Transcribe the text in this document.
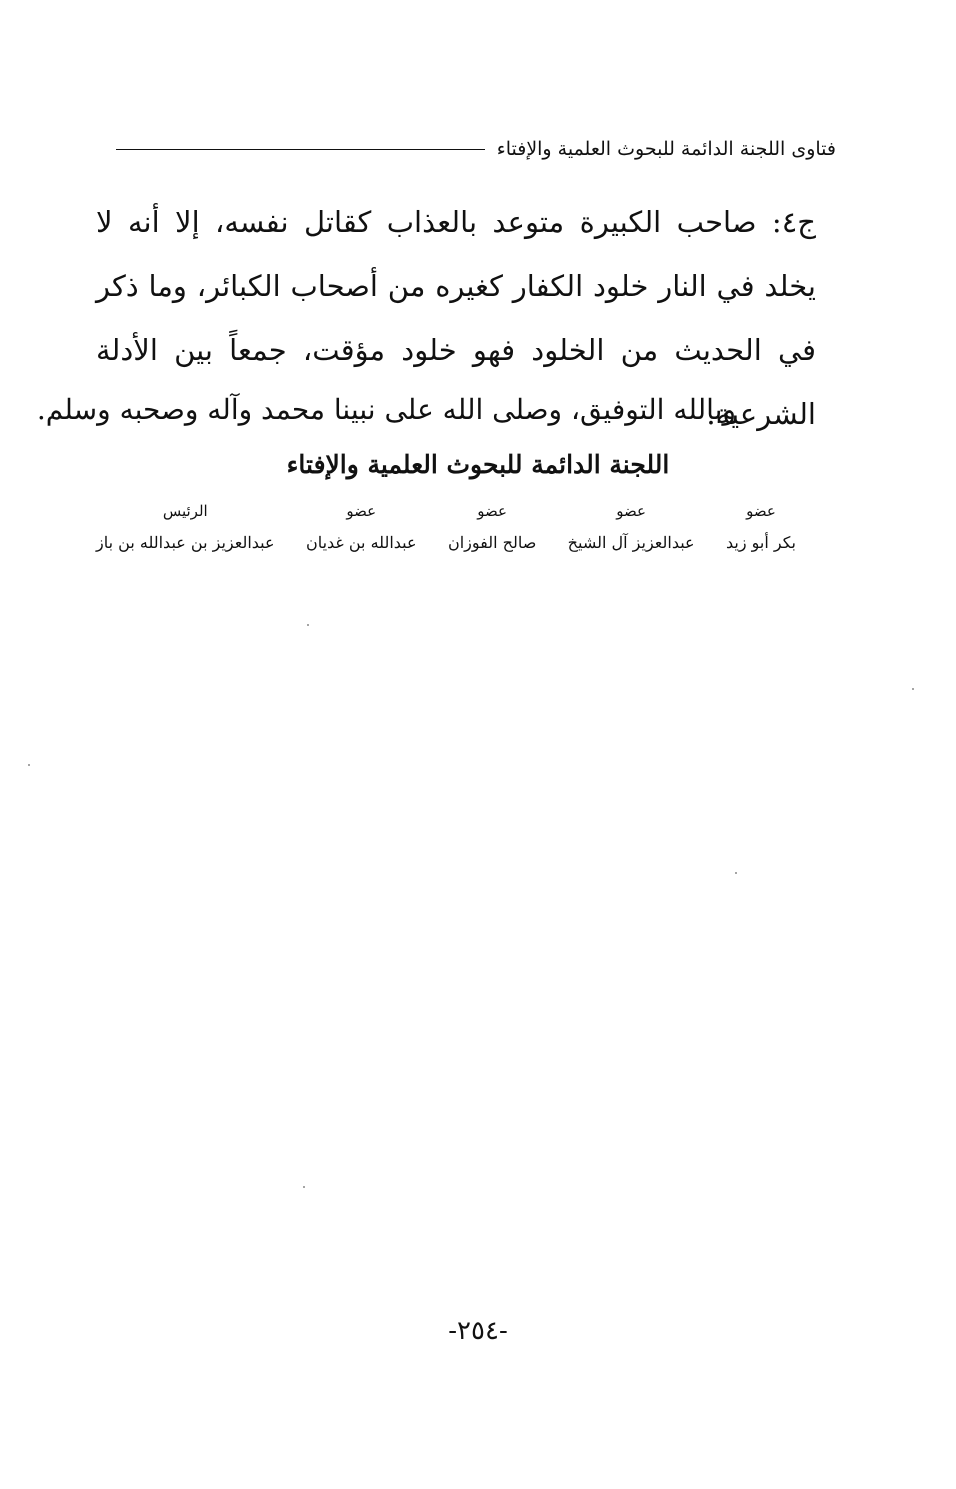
فتاوى اللجنة الدائمة للبحوث العلمية والإفتاء
ج٤: صاحب الكبيرة متوعد بالعذاب كقاتل نفسه، إلا أنه لا يخلد في النار خلود الكفار كغيره من أصحاب الكبائر، وما ذكر في الحديث من الخلود فهو خلود مؤقت، جمعاً بين الأدلة الشرعية.
وبالله التوفيق، وصلى الله على نبينا محمد وآله وصحبه وسلم.
اللجنة الدائمة للبحوث العلمية والإفتاء
عضو
بكر أبو زيد
عضو
عبدالعزيز آل الشيخ
عضو
صالح الفوزان
عضو
عبدالله بن غديان
الرئيس
عبدالعزيز بن عبدالله بن باز
-٢٥٤-
